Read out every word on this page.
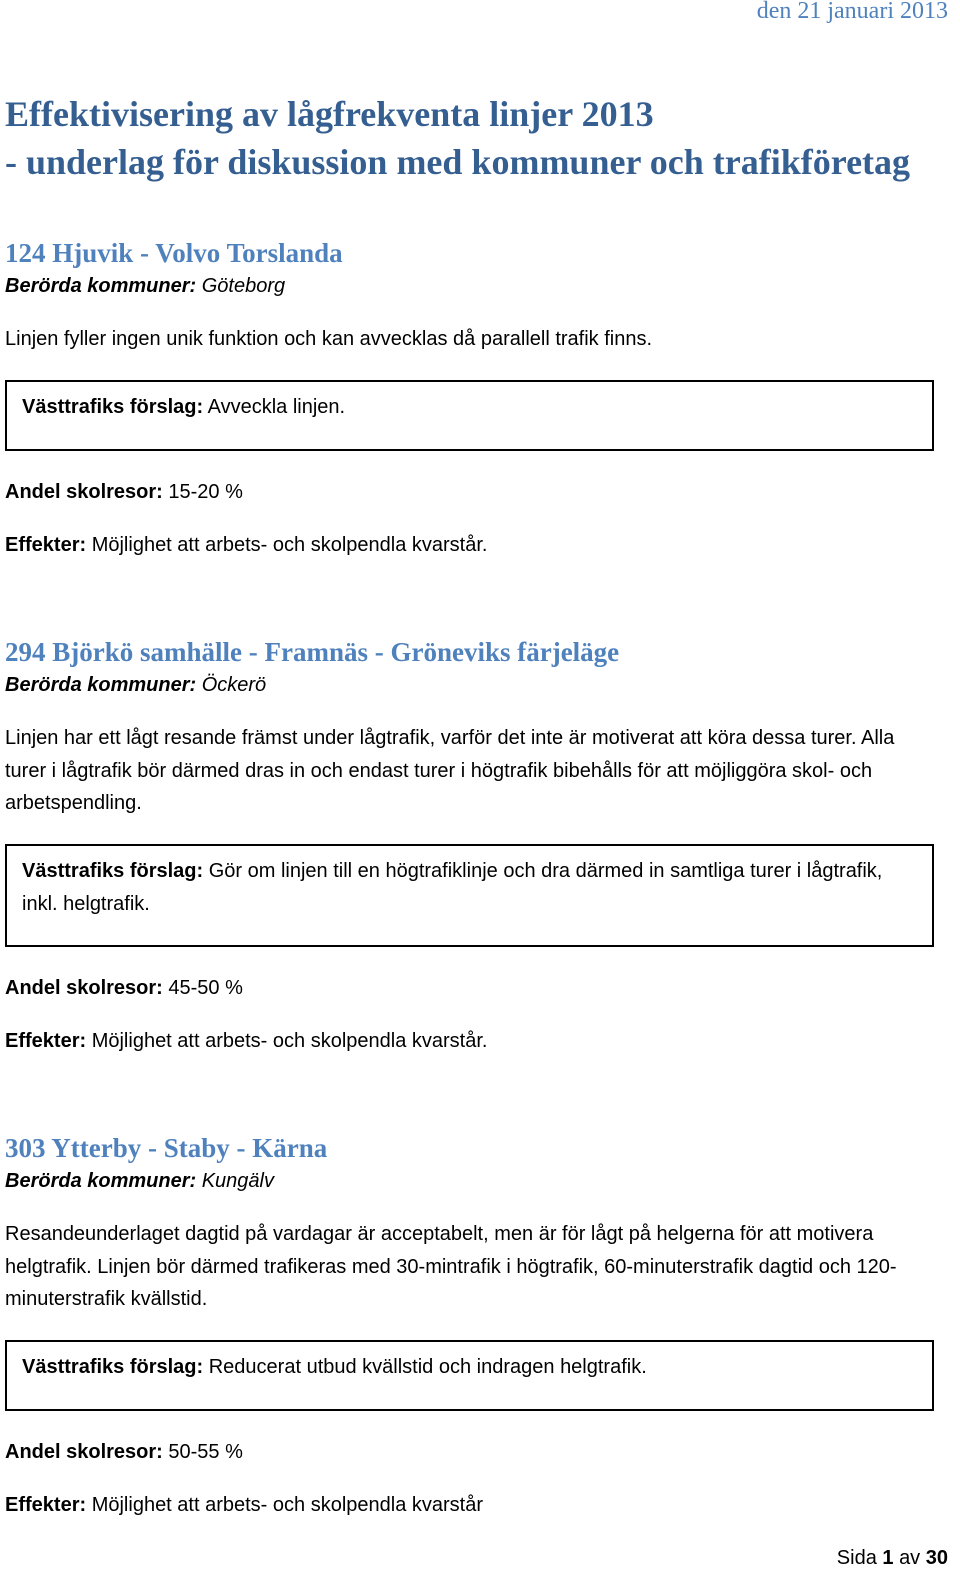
den 21 januari 2013
Effektivisering av lågfrekventa linjer 2013
- underlag för diskussion med kommuner och trafikföretag
124 Hjuvik - Volvo Torslanda
Berörda kommuner: Göteborg
Linjen fyller ingen unik funktion och kan avvecklas då parallell trafik finns.
Västtrafiks förslag: Avveckla linjen.
Andel skolresor: 15-20 %
Effekter: Möjlighet att arbets- och skolpendla kvarstår.
294 Björkö samhälle - Framnäs - Gröneviks färjeläge
Berörda kommuner: Öckerö
Linjen har ett lågt resande främst under lågtrafik, varför det inte är motiverat att köra dessa turer. Alla turer i lågtrafik bör därmed dras in och endast turer i högtrafik bibehålls för att möjliggöra skol- och arbetspendling.
Västtrafiks förslag: Gör om linjen till en högtrafiklinje och dra därmed in samtliga turer i lågtrafik, inkl. helgtrafik.
Andel skolresor: 45-50 %
Effekter: Möjlighet att arbets- och skolpendla kvarstår.
303 Ytterby - Staby - Kärna
Berörda kommuner: Kungälv
Resandeunderlaget dagtid på vardagar är acceptabelt, men är för lågt på helgerna för att motivera helgtrafik. Linjen bör därmed trafikeras med 30-mintrafik i högtrafik, 60-minuterstrafik dagtid och 120-minuterstrafik kvällstid.
Västtrafiks förslag: Reducerat utbud kvällstid och indragen helgtrafik.
Andel skolresor: 50-55 %
Effekter: Möjlighet att arbets- och skolpendla kvarstår
Sida 1 av 30
